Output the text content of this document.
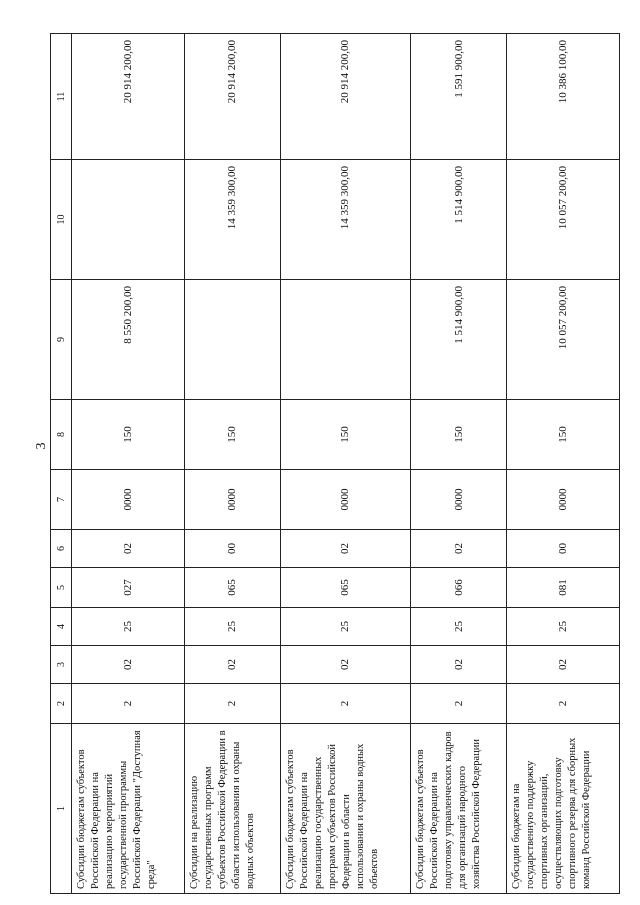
3
1	2	3	4	5	6	7	8	9	10	11
Субсидии бюджетам субъектов Российской Федерации на реализацию мероприятий государственной программы Российской Федерации "Доступная среда"	2	02	25	027	02	0000	150	8 550 200,00		20 914 200,00
Субсидии на реализацию государственных программ субъектов Российской Федерации в области использования и охраны водных объектов	2	02	25	065	00	0000	150		14 359 300,00	20 914 200,00
Субсидии бюджетам субъектов Российской Федерации на реализацию государственных программ субъектов Российской Федерации в области использования и охраны водных объектов	2	02	25	065	02	0000	150		14 359 300,00	20 914 200,00
Субсидии бюджетам субъектов Российской Федерации на подготовку управленческих кадров для организаций народного хозяйства Российской Федерации	2	02	25	066	02	0000	150	1 514 900,00	1 514 900,00	1 591 900,00
Субсидии бюджетам на государственную поддержку спортивных организаций, осуществляющих подготовку спортивного резерва для сборных команд Российской Федерации	2	02	25	081	00	0000	150	10 057 200,00	10 057 200,00	10 386 100,00
